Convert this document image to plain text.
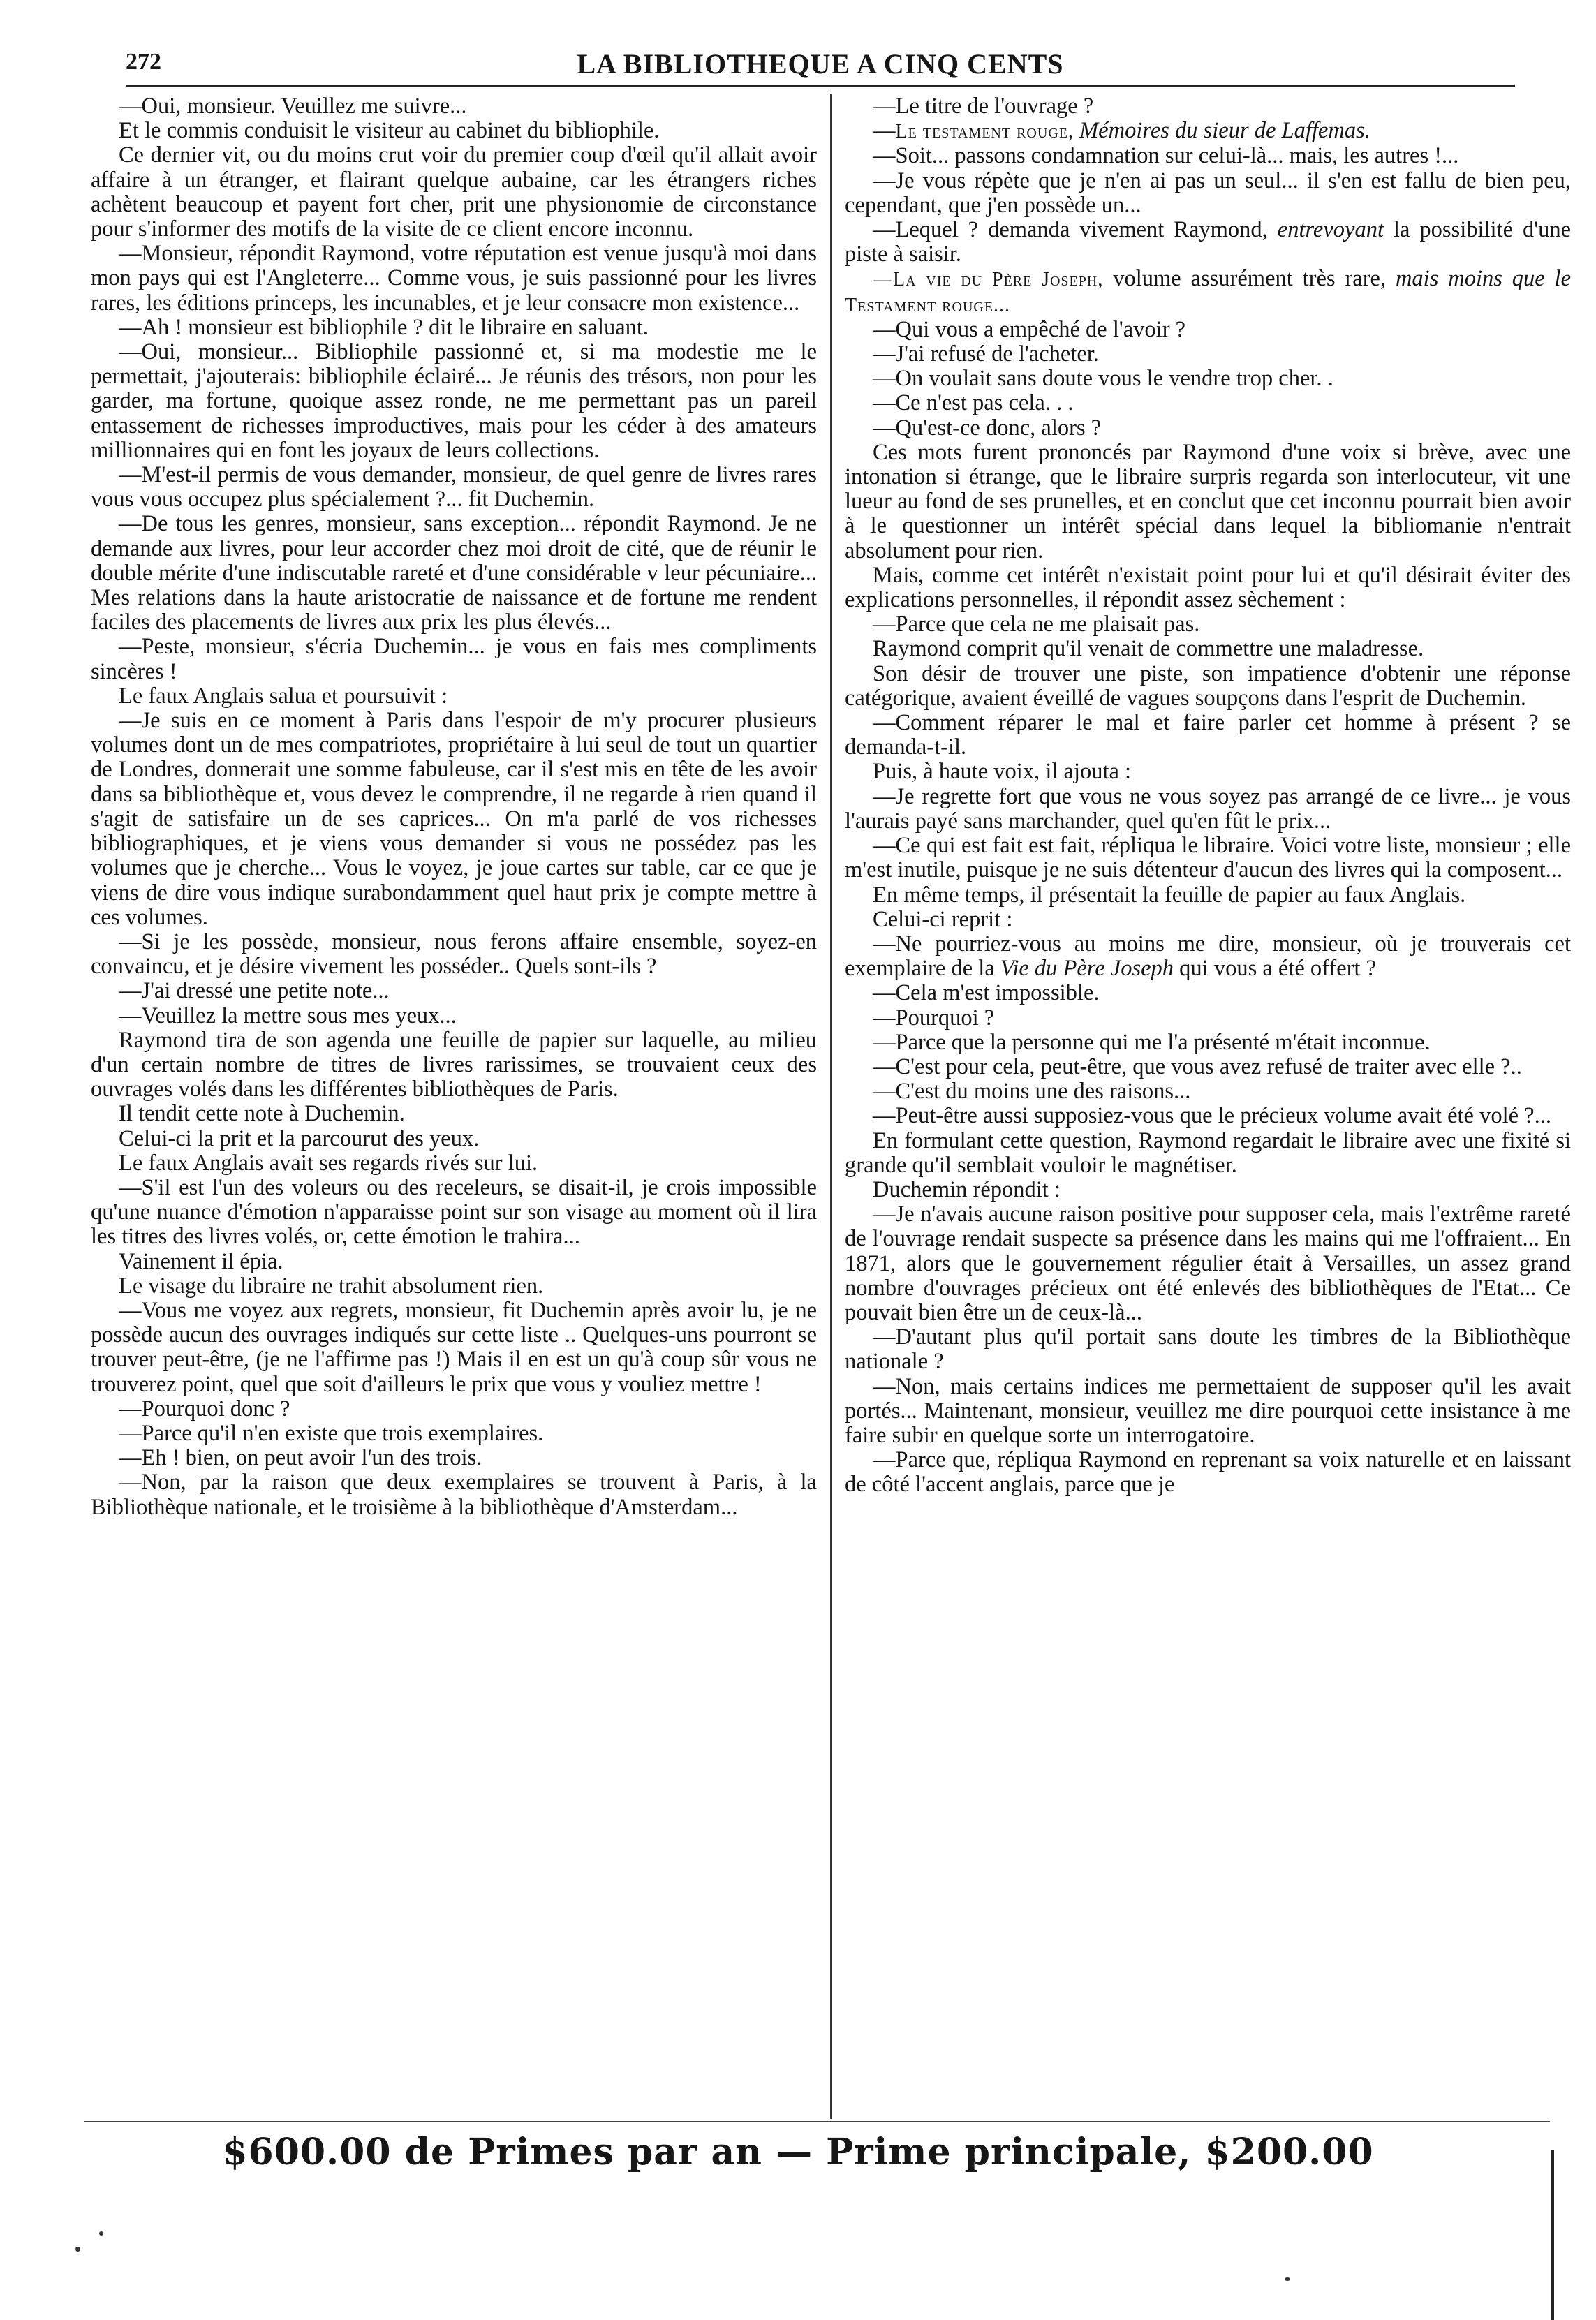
272	LA BIBLIOTHEQUE A CINQ CENTS

—Oui, monsieur. Veuillez me suivre...

Et le commis conduisit le visiteur au cabinet du bibliophile.

Ce dernier vit, ou du moins crut voir du premier coup d'œil qu'il allait avoir affaire à un étranger, et flairant quelque aubaine, car les étrangers riches achètent beaucoup et payent fort cher, prit une physionomie de circonstance pour s'informer des motifs de la visite de ce client encore inconnu.

—Monsieur, répondit Raymond, votre réputation est venue jusqu'à moi dans mon pays qui est l'Angleterre... Comme vous, je suis passionné pour les livres rares, les éditions princeps, les incunables, et je leur consacre mon existence...

—Ah ! monsieur est bibliophile ? dit le libraire en saluant.

—Oui, monsieur... Bibliophile passionné et, si ma modestie me le permettait, j'ajouterais: bibliophile éclairé... Je réunis des trésors, non pour les garder, ma fortune, quoique assez ronde, ne me permettant pas un pareil entassement de richesses improductives, mais pour les céder à des amateurs millionnaires qui en font les joyaux de leurs collections.

—M'est-il permis de vous demander, monsieur, de quel genre de livres rares vous vous occupez plus spécialement ?... fit Duchemin.

—De tous les genres, monsieur, sans exception... répondit Raymond. Je ne demande aux livres, pour leur accorder chez moi droit de cité, que de réunir le double mérite d'une indiscutable rareté et d'une considérable v leur pécuniaire... Mes relations dans la haute aristocratie de naissance et de fortune me rendent faciles des placements de livres aux prix les plus élevés...

—Peste, monsieur, s'écria Duchemin... je vous en fais mes compliments sincères !

Le faux Anglais salua et poursuivit :

—Je suis en ce moment à Paris dans l'espoir de m'y procurer plusieurs volumes dont un de mes compatriotes, propriétaire à lui seul de tout un quartier de Londres, donnerait une somme fabuleuse, car il s'est mis en tête de les avoir dans sa bibliothèque et, vous devez le comprendre, il ne regarde à rien quand il s'agit de satisfaire un de ses caprices... On m'a parlé de vos richesses bibliographiques, et je viens vous demander si vous ne possédez pas les volumes que je cherche... Vous le voyez, je joue cartes sur table, car ce que je viens de dire vous indique surabondamment quel haut prix je compte mettre à ces volumes.

—Si je les possède, monsieur, nous ferons affaire ensemble, soyez-en convaincu, et je désire vivement les posséder.. Quels sont-ils ?

—J'ai dressé une petite note...

—Veuillez la mettre sous mes yeux...

Raymond tira de son agenda une feuille de papier sur laquelle, au milieu d'un certain nombre de titres de livres rarissimes, se trouvaient ceux des ouvrages volés dans les différentes bibliothèques de Paris.

Il tendit cette note à Duchemin.

Celui-ci la prit et la parcourut des yeux.

Le faux Anglais avait ses regards rivés sur lui.

—S'il est l'un des voleurs ou des receleurs, se disait-il, je crois impossible qu'une nuance d'émotion n'apparaisse point sur son visage au moment où il lira les titres des livres volés, or, cette émotion le trahira...

Vainement il épia.

Le visage du libraire ne trahit absolument rien.

—Vous me voyez aux regrets, monsieur, fit Duchemin après avoir lu, je ne possède aucun des ouvrages indiqués sur cette liste .. Quelques-uns pourront se trouver peut-être, (je ne l'affirme pas !) Mais il en est un qu'à coup sûr vous ne trouverez point, quel que soit d'ailleurs le prix que vous y vouliez mettre !

—Pourquoi donc ?

—Parce qu'il n'en existe que trois exemplaires.

—Eh ! bien, on peut avoir l'un des trois.

—Non, par la raison que deux exemplaires se trouvent à Paris, à la Bibliothèque nationale, et le troisième à la bibliothèque d'Amsterdam...

—Le titre de l'ouvrage ?

—Le testament rouge, Mémoires du sieur de Laffemas.

—Soit... passons condamnation sur celui-là... mais, les autres !...

—Je vous répète que je n'en ai pas un seul... il s'en est fallu de bien peu, cependant, que j'en possède un...

—Lequel ? demanda vivement Raymond, entrevoyant la possibilité d'une piste à saisir.

—La vie du Père Joseph, volume assurément très rare, mais moins que le Testament rouge...

—Qui vous a empêché de l'avoir ?

—J'ai refusé de l'acheter.

—On voulait sans doute vous le vendre trop cher. .

—Ce n'est pas cela. . .

—Qu'est-ce donc, alors ?

Ces mots furent prononcés par Raymond d'une voix si brève, avec une intonation si étrange, que le libraire surpris regarda son interlocuteur, vit une lueur au fond de ses prunelles, et en conclut que cet inconnu pourrait bien avoir à le questionner un intérêt spécial dans lequel la bibliomanie n'entrait absolument pour rien.

Mais, comme cet intérêt n'existait point pour lui et qu'il désirait éviter des explications personnelles, il répondit assez sèchement :

—Parce que cela ne me plaisait pas.

Raymond comprit qu'il venait de commettre une maladresse.

Son désir de trouver une piste, son impatience d'obtenir une réponse catégorique, avaient éveillé de vagues soupçons dans l'esprit de Duchemin.

—Comment réparer le mal et faire parler cet homme à présent ? se demanda-t-il.

Puis, à haute voix, il ajouta :

—Je regrette fort que vous ne vous soyez pas arrangé de ce livre... je vous l'aurais payé sans marchander, quel qu'en fût le prix...

—Ce qui est fait est fait, répliqua le libraire. Voici votre liste, monsieur ; elle m'est inutile, puisque je ne suis détenteur d'aucun des livres qui la composent...

En même temps, il présentait la feuille de papier au faux Anglais.

Celui-ci reprit :

—Ne pourriez-vous au moins me dire, monsieur, où je trouverais cet exemplaire de la Vie du Père Joseph qui vous a été offert ?

—Cela m'est impossible.

—Pourquoi ?

—Parce que la personne qui me l'a présenté m'était inconnue.

—C'est pour cela, peut-être, que vous avez refusé de traiter avec elle ?..

—C'est du moins une des raisons...

—Peut-être aussi supposiez-vous que le précieux volume avait été volé ?...

En formulant cette question, Raymond regardait le libraire avec une fixité si grande qu'il semblait vouloir le magnétiser.

Duchemin répondit :

—Je n'avais aucune raison positive pour supposer cela, mais l'extrême rareté de l'ouvrage rendait suspecte sa présence dans les mains qui me l'offraient... En 1871, alors que le gouvernement régulier était à Versailles, un assez grand nombre d'ouvrages précieux ont été enlevés des bibliothèques de l'Etat... Ce pouvait bien être un de ceux-là...

—D'autant plus qu'il portait sans doute les timbres de la Bibliothèque nationale ?

—Non, mais certains indices me permettaient de supposer qu'il les avait portés... Maintenant, monsieur, veuillez me dire pourquoi cette insistance à me faire subir en quelque sorte un interrogatoire.

—Parce que, répliqua Raymond en reprenant sa voix naturelle et en laissant de côté l'accent anglais, parce que je

$600.00 de Primes par an — Prime principale, $200.00
